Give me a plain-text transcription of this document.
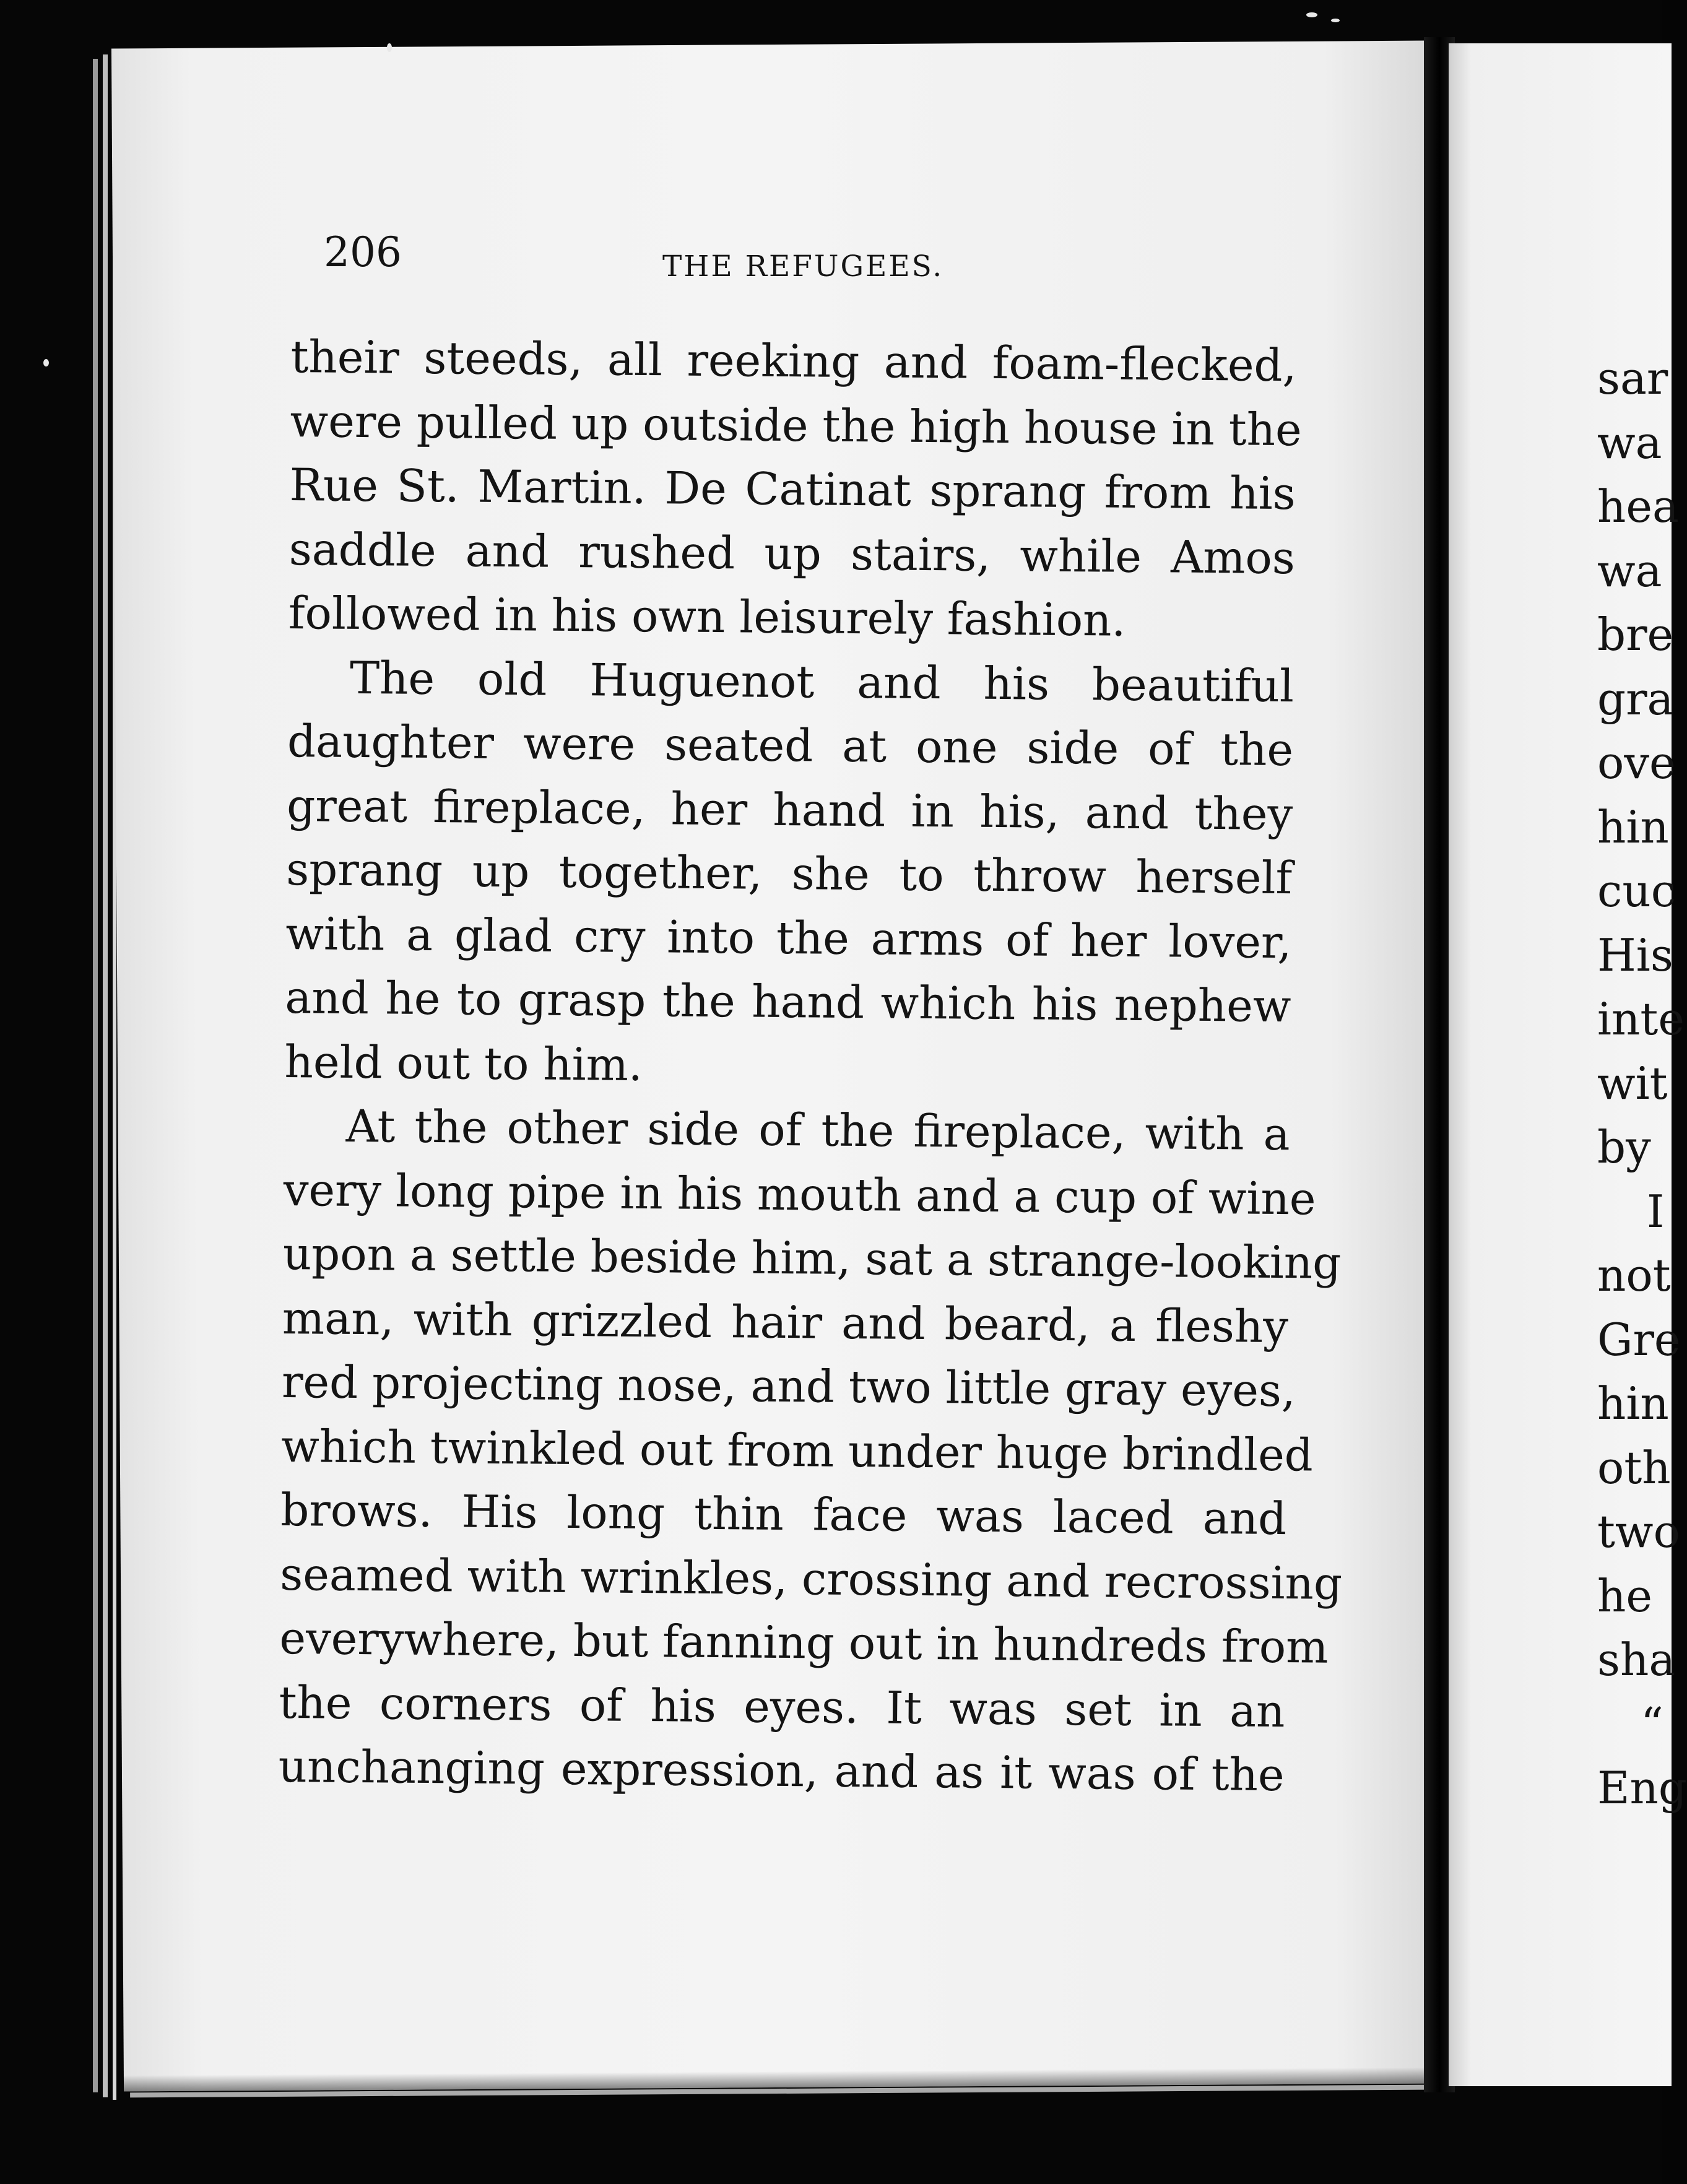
206	THE REFUGEES.
their steeds, all reeking and foam-flecked,
were pulled up outside the high house in the
Rue St. Martin. De Catinat sprang from his
saddle and rushed up stairs, while Amos
followed in his own leisurely fashion.
The old Huguenot and his beautiful
daughter were seated at one side of the
great fireplace, her hand in his, and they
sprang up together, she to throw herself
with a glad cry into the arms of her lover,
and he to grasp the hand which his nephew
held out to him.
At the other side of the fireplace, with a
very long pipe in his mouth and a cup of wine
upon a settle beside him, sat a strange-looking
man, with grizzled hair and beard, a fleshy
red projecting nose, and two little gray eyes,
which twinkled out from under huge brindled
brows. His long thin face was laced and
seamed with wrinkles, crossing and recrossing
everywhere, but fanning out in hundreds from
the corners of his eyes. It was set in an
unchanging expression, and as it was of the
sar
wa
hea
wa
bre
gra
ove
hin
cuc
His
inte
wit
by
I
not
Gre
hin
oth
two
he
sha
“
Eng
